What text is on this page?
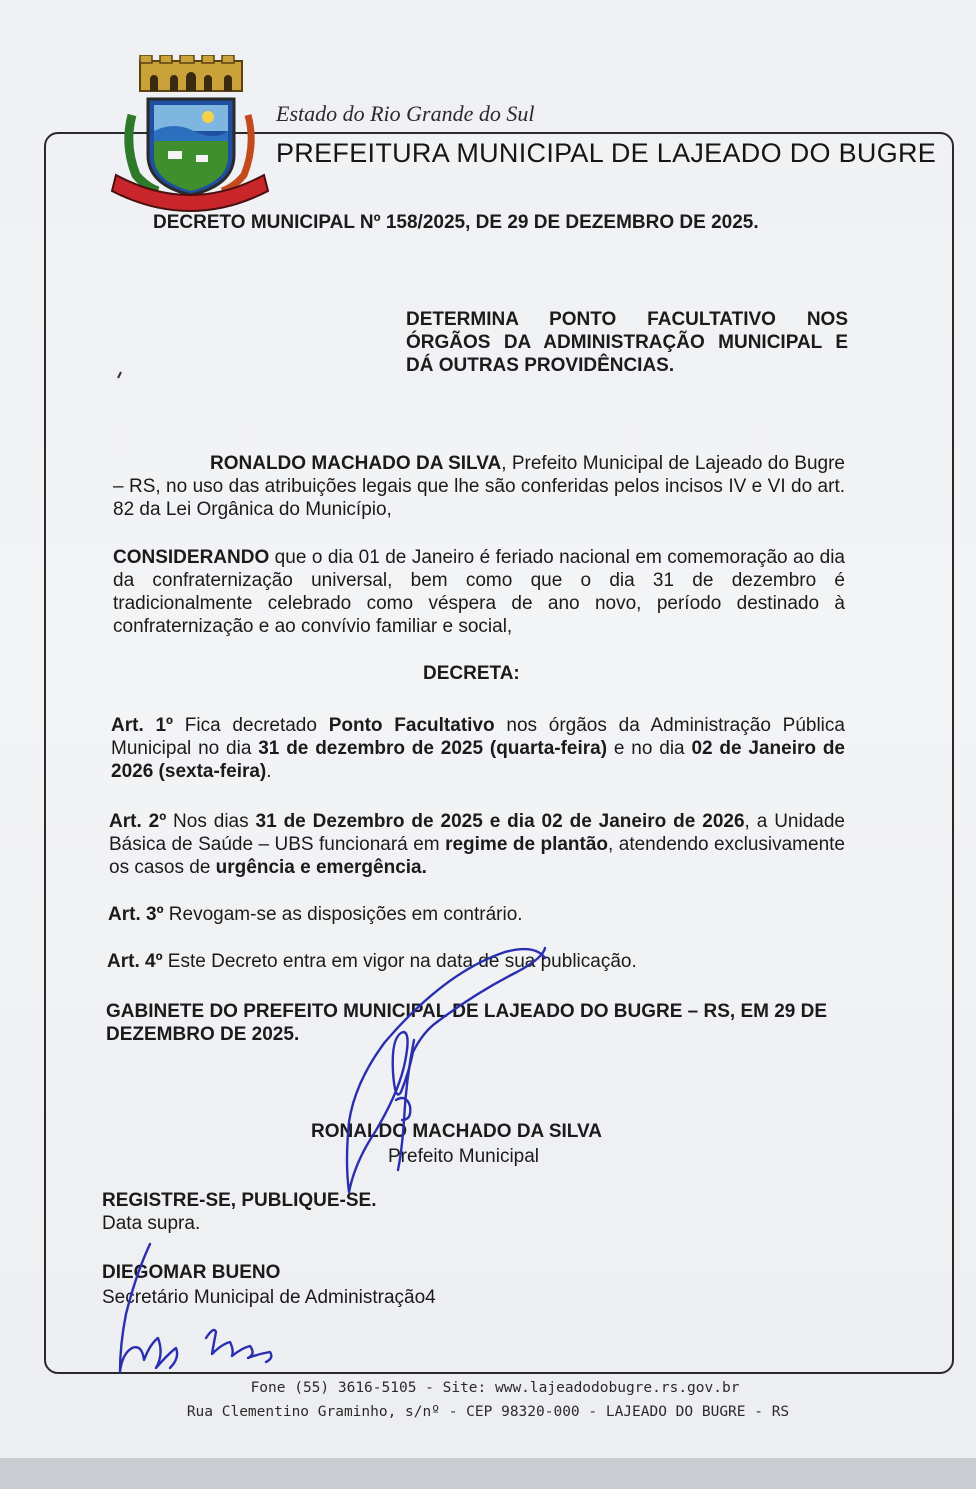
Estado do Rio Grande do Sul
PREFEITURA MUNICIPAL DE LAJEADO DO BUGRE
DECRETO MUNICIPAL Nº 158/2025, DE 29 DE DEZEMBRO DE 2025.
DETERMINA PONTO FACULTATIVO NOS ÓRGÃOS DA ADMINISTRAÇÃO MUNICIPAL E DÁ OUTRAS PROVIDÊNCIAS.
RONALDO MACHADO DA SILVA, Prefeito Municipal de Lajeado do Bugre – RS, no uso das atribuições legais que lhe são conferidas pelos incisos IV e VI do art. 82 da Lei Orgânica do Município,
CONSIDERANDO que o dia 01 de Janeiro é feriado nacional em comemoração ao dia da confraternização universal, bem como que o dia 31 de dezembro é tradicionalmente celebrado como véspera de ano novo, período destinado à confraternização e ao convívio familiar e social,
DECRETA:
Art. 1º Fica decretado Ponto Facultativo nos órgãos da Administração Pública Municipal no dia 31 de dezembro de 2025 (quarta-feira) e no dia 02 de Janeiro de 2026 (sexta-feira).
Art. 2º Nos dias 31 de Dezembro de 2025 e dia 02 de Janeiro de 2026, a Unidade Básica de Saúde – UBS funcionará em regime de plantão, atendendo exclusivamente os casos de urgência e emergência.
Art. 3º Revogam-se as disposições em contrário.
Art. 4º Este Decreto entra em vigor na data de sua publicação.
GABINETE DO PREFEITO MUNICIPAL DE LAJEADO DO BUGRE – RS, EM 29 DE DEZEMBRO DE 2025.
RONALDO MACHADO DA SILVA
Prefeito Municipal
REGISTRE-SE, PUBLIQUE-SE.
Data supra.
DIEGOMAR BUENO
Secretário Municipal de Administração4
Fone (55) 3616-5105 - Site: www.lajeadodobugre.rs.gov.br
Rua Clementino Graminho, s/nº - CEP 98320-000 - LAJEADO DO BUGRE - RS
